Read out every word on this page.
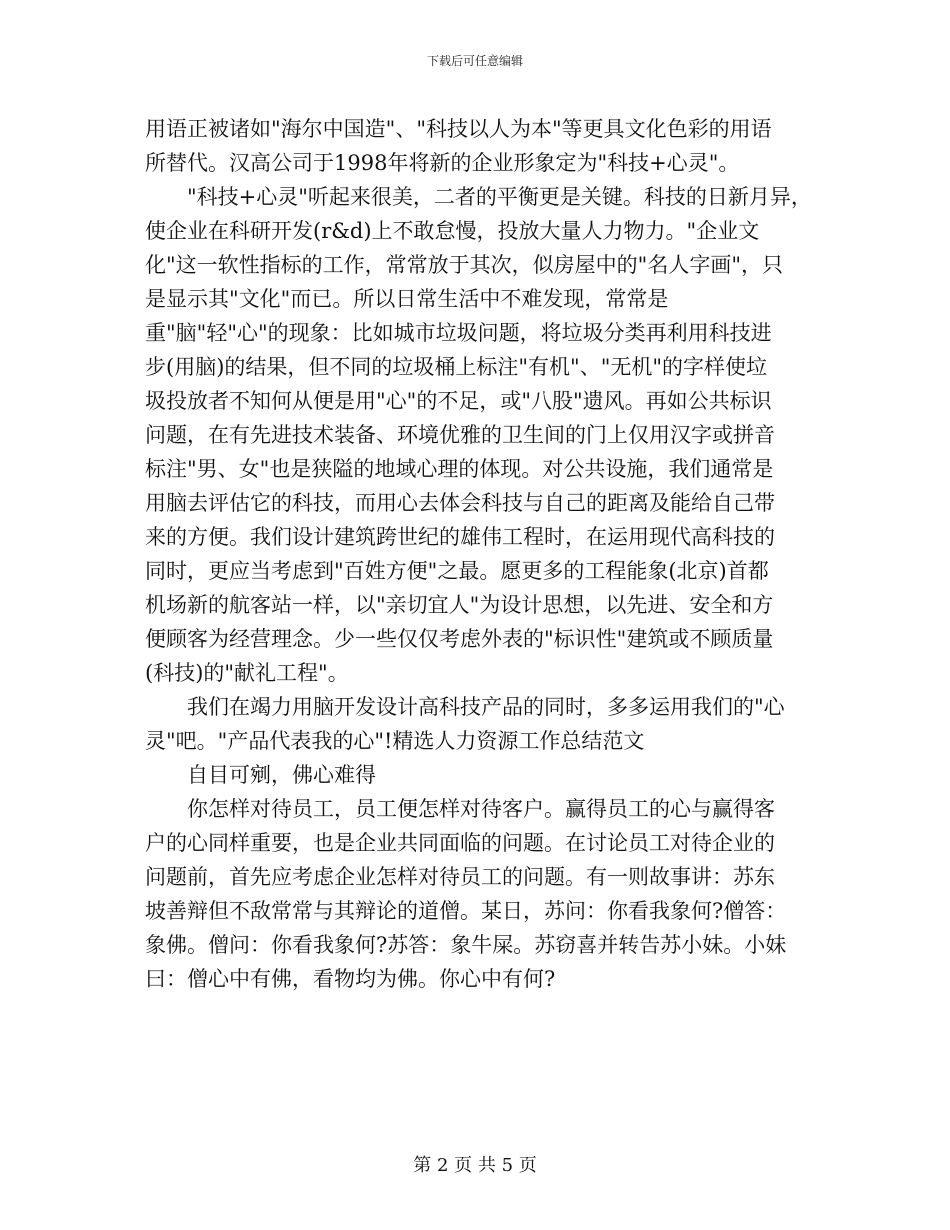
下载后可任意编辑
用语正被诸如"海尔中国造"、"科技以人为本"等更具文化色彩的用语
所替代。汉高公司于1998年将新的企业形象定为"科技+心灵"。
"科技+心灵"听起来很美，二者的平衡更是关键。科技的日新月异，
使企业在科研开发(r&d)上不敢怠慢，投放大量人力物力。"企业文
化"这一软性指标的工作，常常放于其次，似房屋中的"名人字画"，只
是显示其"文化"而已。所以日常生活中不难发现，常常是
重"脑"轻"心"的现象：比如城市垃圾问题，将垃圾分类再利用科技进
步(用脑)的结果，但不同的垃圾桶上标注"有机"、"无机"的字样使垃
圾投放者不知何从便是用"心"的不足，或"八股"遗风。再如公共标识
问题，在有先进技术装备、环境优雅的卫生间的门上仅用汉字或拼音
标注"男、女"也是狭隘的地域心理的体现。对公共设施，我们通常是
用脑去评估它的科技，而用心去体会科技与自己的距离及能给自己带
来的方便。我们设计建筑跨世纪的雄伟工程时，在运用现代高科技的
同时，更应当考虑到"百姓方便"之最。愿更多的工程能象(北京)首都
机场新的航客站一样，以"亲切宜人"为设计思想，以先进、安全和方
便顾客为经营理念。少一些仅仅考虑外表的"标识性"建筑或不顾质量
(科技)的"献礼工程"。
我们在竭力用脑开发设计高科技产品的同时，多多运用我们的"心
灵"吧。"产品代表我的心"!精选人力资源工作总结范文
自目可剜，佛心难得
你怎样对待员工，员工便怎样对待客户。赢得员工的心与赢得客
户的心同样重要，也是企业共同面临的问题。在讨论员工对待企业的
问题前，首先应考虑企业怎样对待员工的问题。有一则故事讲：苏东
坡善辩但不敌常常与其辩论的道僧。某日，苏问：你看我象何?僧答：
象佛。僧问：你看我象何?苏答：象牛屎。苏窃喜并转告苏小妹。小妹
曰：僧心中有佛，看物均为佛。你心中有何?
第 2 页 共 5 页
